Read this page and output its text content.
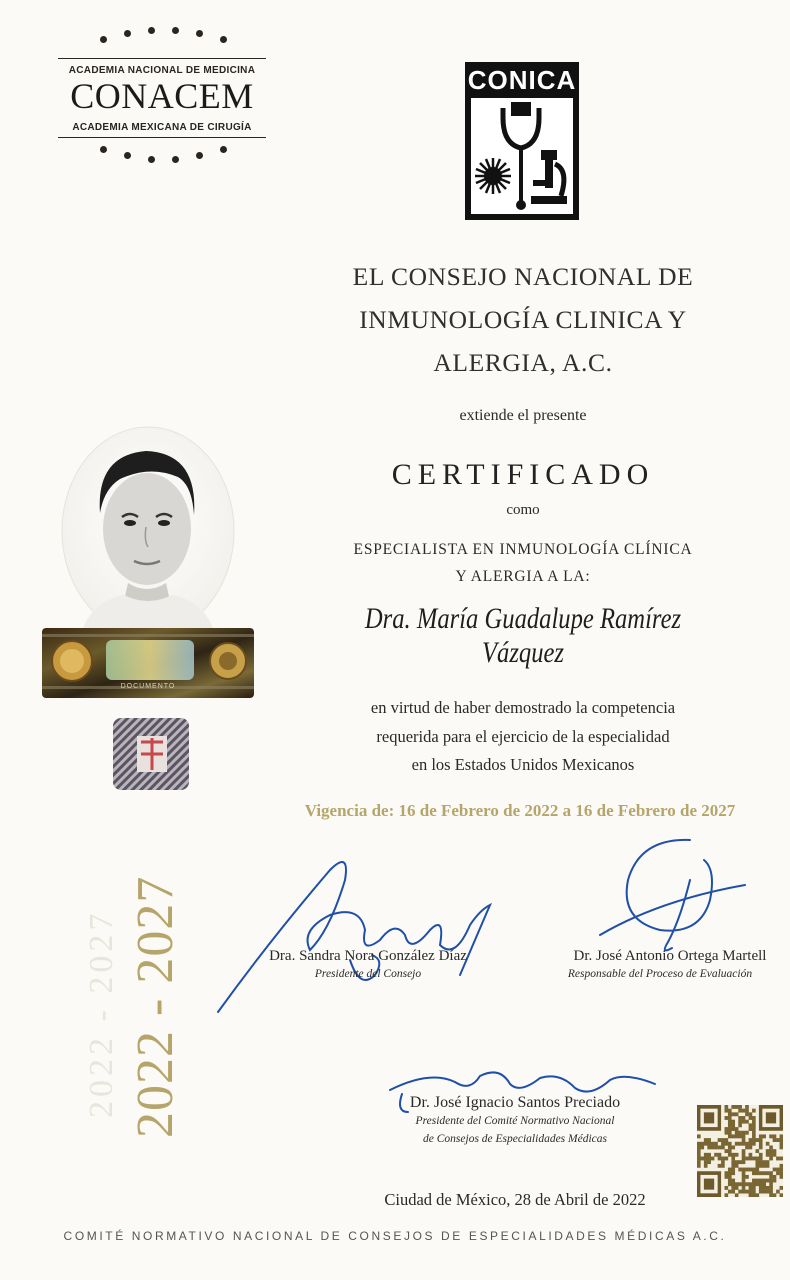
ACADEMIA NACIONAL DE MEDICINA
CONACEM
ACADEMIA MEXICANA DE CIRUGÍA
CONICA
EL CONSEJO NACIONAL DE
INMUNOLOGÍA CLINICA Y
ALERGIA, A.C.
extiende el presente
CERTIFICADO
como
ESPECIALISTA EN INMUNOLOGÍA CLÍNICA
Y ALERGIA A LA:
Dra. María Guadalupe Ramírez Vázquez
en virtud de haber demostrado la competencia
requerida para el ejercicio de la especialidad
en los Estados Unidos Mexicanos
Vigencia de: 16 de Febrero de 2022 a 16 de Febrero de 2027
DOCUMENTO
2022 - 2027 2022 - 2027	Dra. Sandra Nora González Díaz
Presidente del Consejo
Dr. José Antonio Ortega Martell
Responsable del Proceso de Evaluación
Dr. José Ignacio Santos Preciado
Presidente del Comité Normativo Nacional
de Consejos de Especialidades Médicas
Ciudad de México, 28 de Abril de 2022
COMITÉ NORMATIVO NACIONAL DE CONSEJOS DE ESPECIALIDADES MÉDICAS A.C.
